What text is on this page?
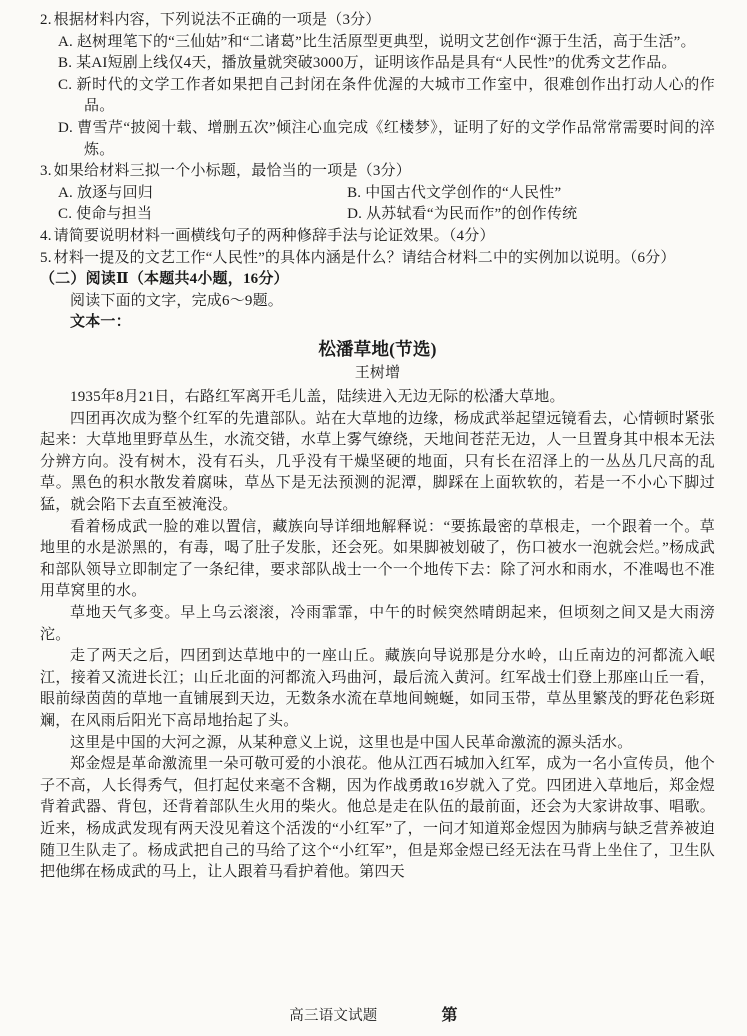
2. 根据材料内容，下列说法不正确的一项是（3分）

A. 赵树理笔下的“三仙姑”和“二诸葛”比生活原型更典型，说明文艺创作“源于生活，高于生活”。

B. 某AI短剧上线仅4天，播放量就突破3000万，证明该作品是具有“人民性”的优秀文艺作品。

C. 新时代的文学工作者如果把自己封闭在条件优渥的大城市工作室中，很难创作出打动人心的作品。

D. 曹雪芹“披阅十载、增删五次”倾注心血完成《红楼梦》，证明了好的文学作品常常需要时间的淬炼。

3. 如果给材料三拟一个小标题，最恰当的一项是（3分）

A. 放逐与回归	B. 中国古代文学创作的“人民性”

C. 使命与担当	D. 从苏轼看“为民而作”的创作传统

4. 请简要说明材料一画横线句子的两种修辞手法与论证效果。（4分）

5. 材料一提及的文艺工作“人民性”的具体内涵是什么？请结合材料二中的实例加以说明。（6分）

（二）阅读Ⅱ（本题共4小题，16分）

阅读下面的文字，完成6～9题。

文本一：

松潘草地(节选)

王树增

1935年8月21日，右路红军离开毛儿盖，陆续进入无边无际的松潘大草地。

四团再次成为整个红军的先遣部队。站在大草地的边缘，杨成武举起望远镜看去，心情顿时紧张起来：大草地里野草丛生，水流交错，水草上雾气缭绕，天地间苍茫无边，人一旦置身其中根本无法分辨方向。没有树木，没有石头，几乎没有干燥坚硬的地面，只有长在沼泽上的一丛丛几尺高的乱草。黑色的积水散发着腐味，草丛下是无法预测的泥潭，脚踩在上面软软的，若是一不小心下脚过猛，就会陷下去直至被淹没。

看着杨成武一脸的难以置信，藏族向导详细地解释说：“要拣最密的草根走，一个跟着一个。草地里的水是淤黑的，有毒，喝了肚子发胀，还会死。如果脚被划破了，伤口被水一泡就会烂。”杨成武和部队领导立即制定了一条纪律，要求部队战士一个一个地传下去：除了河水和雨水，不准喝也不准用草窝里的水。

草地天气多变。早上乌云滚滚，冷雨霏霏，中午的时候突然晴朗起来，但顷刻之间又是大雨滂沱。

走了两天之后，四团到达草地中的一座山丘。藏族向导说那是分水岭，山丘南边的河都流入岷江，接着又流进长江；山丘北面的河都流入玛曲河，最后流入黄河。红军战士们登上那座山丘一看，眼前绿茵茵的草地一直铺展到天边，无数条水流在草地间蜿蜒，如同玉带，草丛里繁茂的野花色彩斑斓，在风雨后阳光下高昂地抬起了头。

这里是中国的大河之源，从某种意义上说，这里也是中国人民革命激流的源头活水。

郑金煜是革命激流里一朵可敬可爱的小浪花。他从江西石城加入红军，成为一名小宣传员，他个子不高，人长得秀气，但打起仗来毫不含糊，因为作战勇敢16岁就入了党。四团进入草地后，郑金煜背着武器、背包，还背着部队生火用的柴火。他总是走在队伍的最前面，还会为大家讲故事、唱歌。近来，杨成武发现有两天没见着这个活泼的“小红军”了，一问才知道郑金煜因为肺病与缺乏营养被迫随卫生队走了。杨成武把自己的马给了这个“小红军”，但是郑金煜已经无法在马背上坐住了，卫生队把他绑在杨成武的马上，让人跟着马看护着他。第四天

高三语文试题	第
